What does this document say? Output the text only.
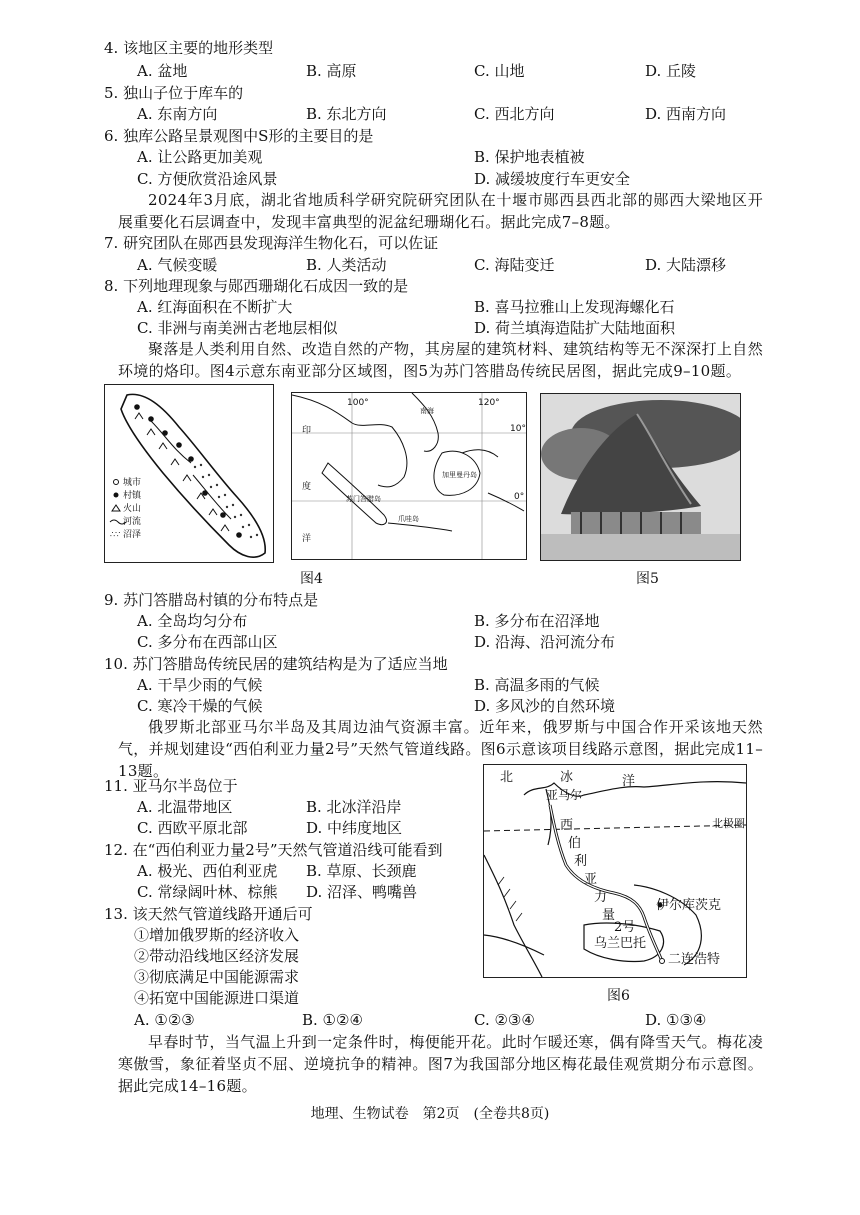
4. 该地区主要的地形类型
A. 盆地	B. 高原	C. 山地	D. 丘陵
5. 独山子位于库车的
A. 东南方向	B. 东北方向	C. 西北方向	D. 西南方向
6. 独库公路呈景观图中S形的主要目的是
A. 让公路更加美观	B. 保护地表植被
C. 方便欣赏沿途风景	D. 减缓坡度行车更安全
2024年3月底，湖北省地质科学研究院研究团队在十堰市郧西县西北部的郧西大梁地区开展重要化石层调查中，发现丰富典型的泥盆纪珊瑚化石。据此完成7–8题。
7. 研究团队在郧西县发现海洋生物化石，可以佐证
A. 气候变暖	B. 人类活动	C. 海陆变迁	D. 大陆漂移
8. 下列地理现象与郧西珊瑚化石成因一致的是
A. 红海面积在不断扩大	B. 喜马拉雅山上发现海螺化石
C. 非洲与南美洲古老地层相似	D. 荷兰填海造陆扩大陆地面积
聚落是人类利用自然、改造自然的产物，其房屋的建筑材料、建筑结构等无不深深打上自然环境的烙印。图4示意东南亚部分区域图，图5为苏门答腊岛传统民居图，据此完成9–10题。
城市
村镇
火山
河流
∴∵ 沼泽
100°	120°
10°
0°
印
度
洋
南海
加里曼丹岛
苏门答腊岛
爪哇岛
图4	图5
9. 苏门答腊岛村镇的分布特点是
A. 全岛均匀分布	B. 多分布在沼泽地
C. 多分布在西部山区	D. 沿海、沿河流分布
10. 苏门答腊岛传统民居的建筑结构是为了适应当地
A. 干旱少雨的气候	B. 高温多雨的气候
C. 寒冷干燥的气候	D. 多风沙的自然环境
俄罗斯北部亚马尔半岛及其周边油气资源丰富。近年来，俄罗斯与中国合作开采该地天然气，并规划建设“西伯利亚力量2号”天然气管道线路。图6示意该项目线路示意图，据此完成11–13题。	北	冰	洋
亚马尔
西
伯
利
亚
力
量
2号
北极圈
伊尔库茨克
乌兰巴托
二连浩特
图6
11. 亚马尔半岛位于
A. 北温带地区	B. 北冰洋沿岸
C. 西欧平原北部	D. 中纬度地区
12. 在“西伯利亚力量2号”天然气管道沿线可能看到
A. 极光、西伯利亚虎 B. 草原、长颈鹿
C. 常绿阔叶林、棕熊 D. 沼泽、鸭嘴兽
13. 该天然气管道线路开通后可
①增加俄罗斯的经济收入
②带动沿线地区经济发展
③彻底满足中国能源需求
④拓宽中国能源进口渠道
A. ①②③	B. ①②④	C. ②③④	D. ①③④
早春时节，当气温上升到一定条件时，梅便能开花。此时乍暖还寒，偶有降雪天气。梅花凌寒傲雪，象征着坚贞不屈、逆境抗争的精神。图7为我国部分地区梅花最佳观赏期分布示意图。据此完成14–16题。
地理、生物试卷　第2页　(全卷共8页)
